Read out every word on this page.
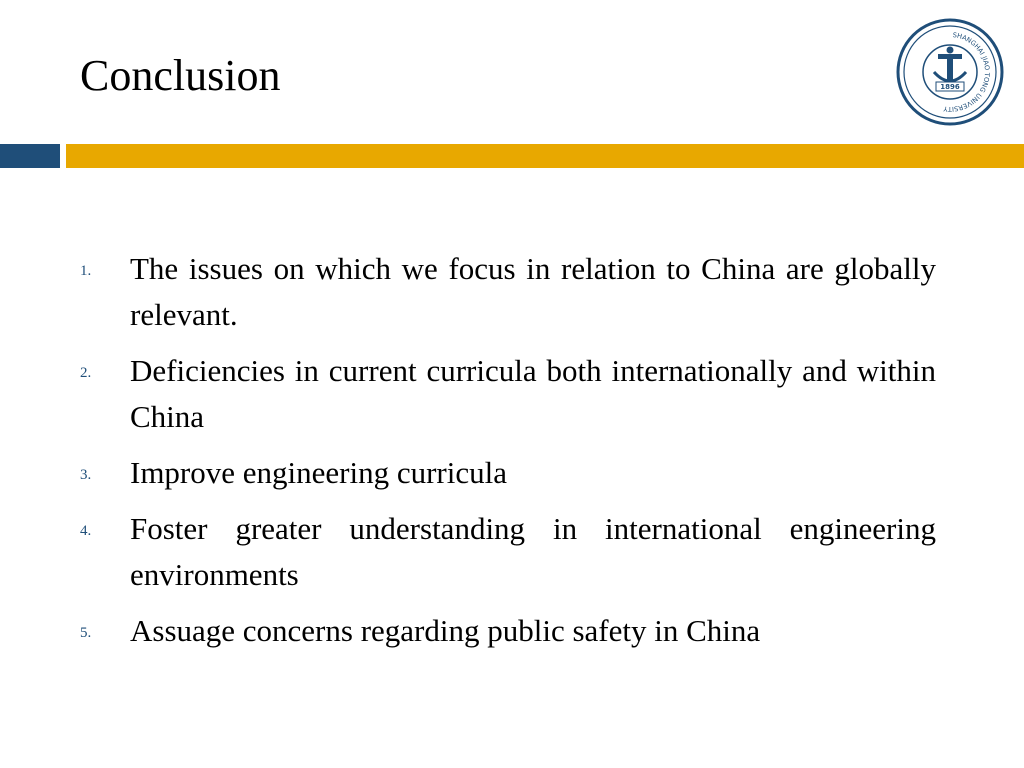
Conclusion
SHANGHAI JIAO TONG UNIVERSITY
1896
1. The issues on which we focus in relation to China are globally relevant.
2. Deficiencies in current curricula both internationally and within China
3. Improve engineering curricula
4. Foster greater understanding in international engineering environments
5. Assuage concerns regarding public safety in China
